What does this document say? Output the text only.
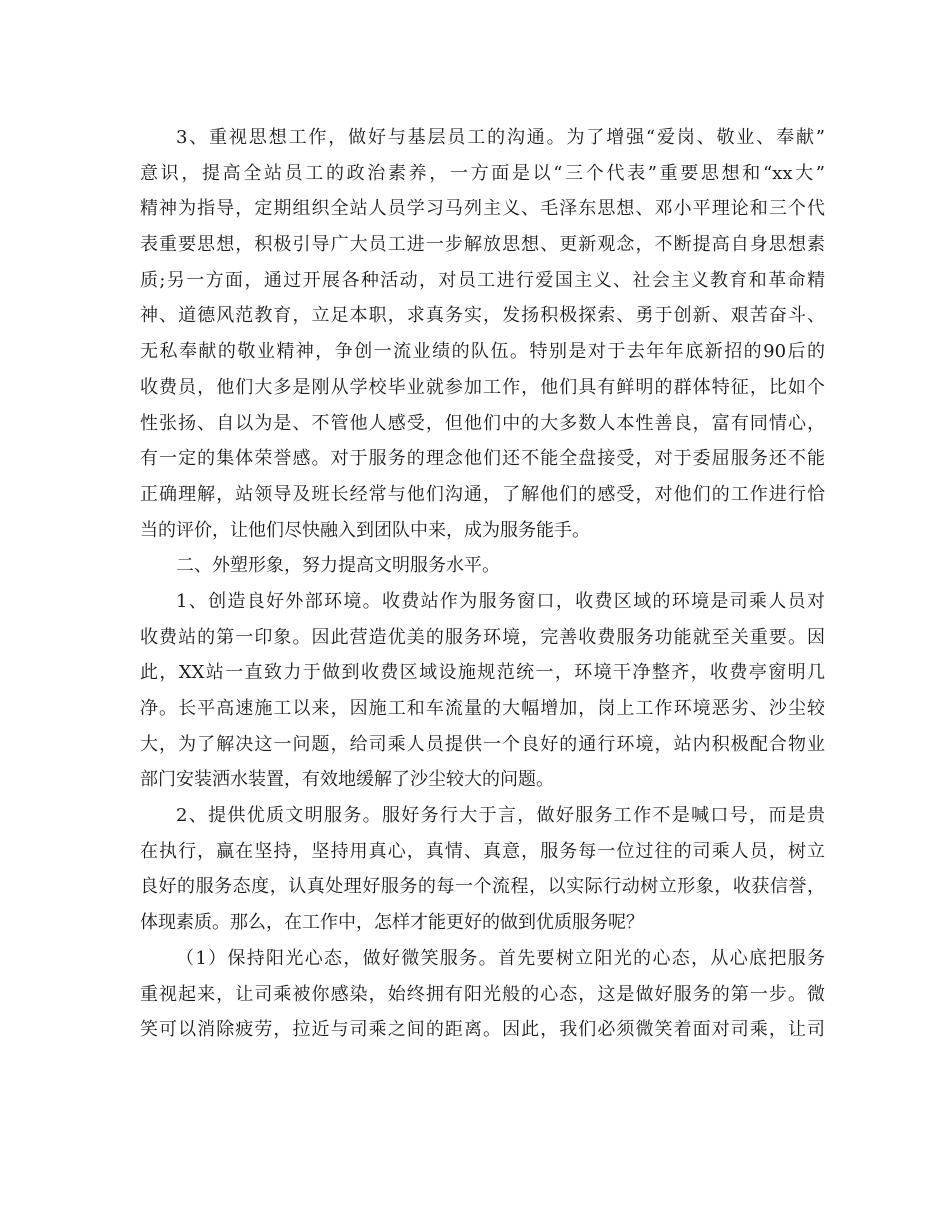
3、重视思想工作，做好与基层员工的沟通。为了增强“爱岗、敬业、奉献”
意识，提高全站员工的政治素养，一方面是以“三个代表”重要思想和“xx大”
精神为指导，定期组织全站人员学习马列主义、毛泽东思想、邓小平理论和三个代
表重要思想，积极引导广大员工进一步解放思想、更新观念，不断提高自身思想素
质;另一方面，通过开展各种活动，对员工进行爱国主义、社会主义教育和革命精
神、道德风范教育，立足本职，求真务实，发扬积极探索、勇于创新、艰苦奋斗、
无私奉献的敬业精神，争创一流业绩的队伍。特别是对于去年年底新招的90后的
收费员，他们大多是刚从学校毕业就参加工作，他们具有鲜明的群体特征，比如个
性张扬、自以为是、不管他人感受，但他们中的大多数人本性善良，富有同情心，
有一定的集体荣誉感。对于服务的理念他们还不能全盘接受，对于委屈服务还不能
正确理解，站领导及班长经常与他们沟通，了解他们的感受，对他们的工作进行恰
当的评价，让他们尽快融入到团队中来，成为服务能手。
二、外塑形象，努力提高文明服务水平。
1、创造良好外部环境。收费站作为服务窗口，收费区域的环境是司乘人员对
收费站的第一印象。因此营造优美的服务环境，完善收费服务功能就至关重要。因
此，XX站一直致力于做到收费区域设施规范统一，环境干净整齐，收费亭窗明几
净。长平高速施工以来，因施工和车流量的大幅增加，岗上工作环境恶劣、沙尘较
大，为了解决这一问题，给司乘人员提供一个良好的通行环境，站内积极配合物业
部门安装洒水装置，有效地缓解了沙尘较大的问题。
2、提供优质文明服务。服好务行大于言，做好服务工作不是喊口号，而是贵
在执行，赢在坚持，坚持用真心，真情、真意，服务每一位过往的司乘人员，树立
良好的服务态度，认真处理好服务的每一个流程，以实际行动树立形象，收获信誉，
体现素质。那么，在工作中，怎样才能更好的做到优质服务呢？
（1）保持阳光心态，做好微笑服务。首先要树立阳光的心态，从心底把服务
重视起来，让司乘被你感染，始终拥有阳光般的心态，这是做好服务的第一步。微
笑可以消除疲劳，拉近与司乘之间的距离。因此，我们必须微笑着面对司乘，让司
